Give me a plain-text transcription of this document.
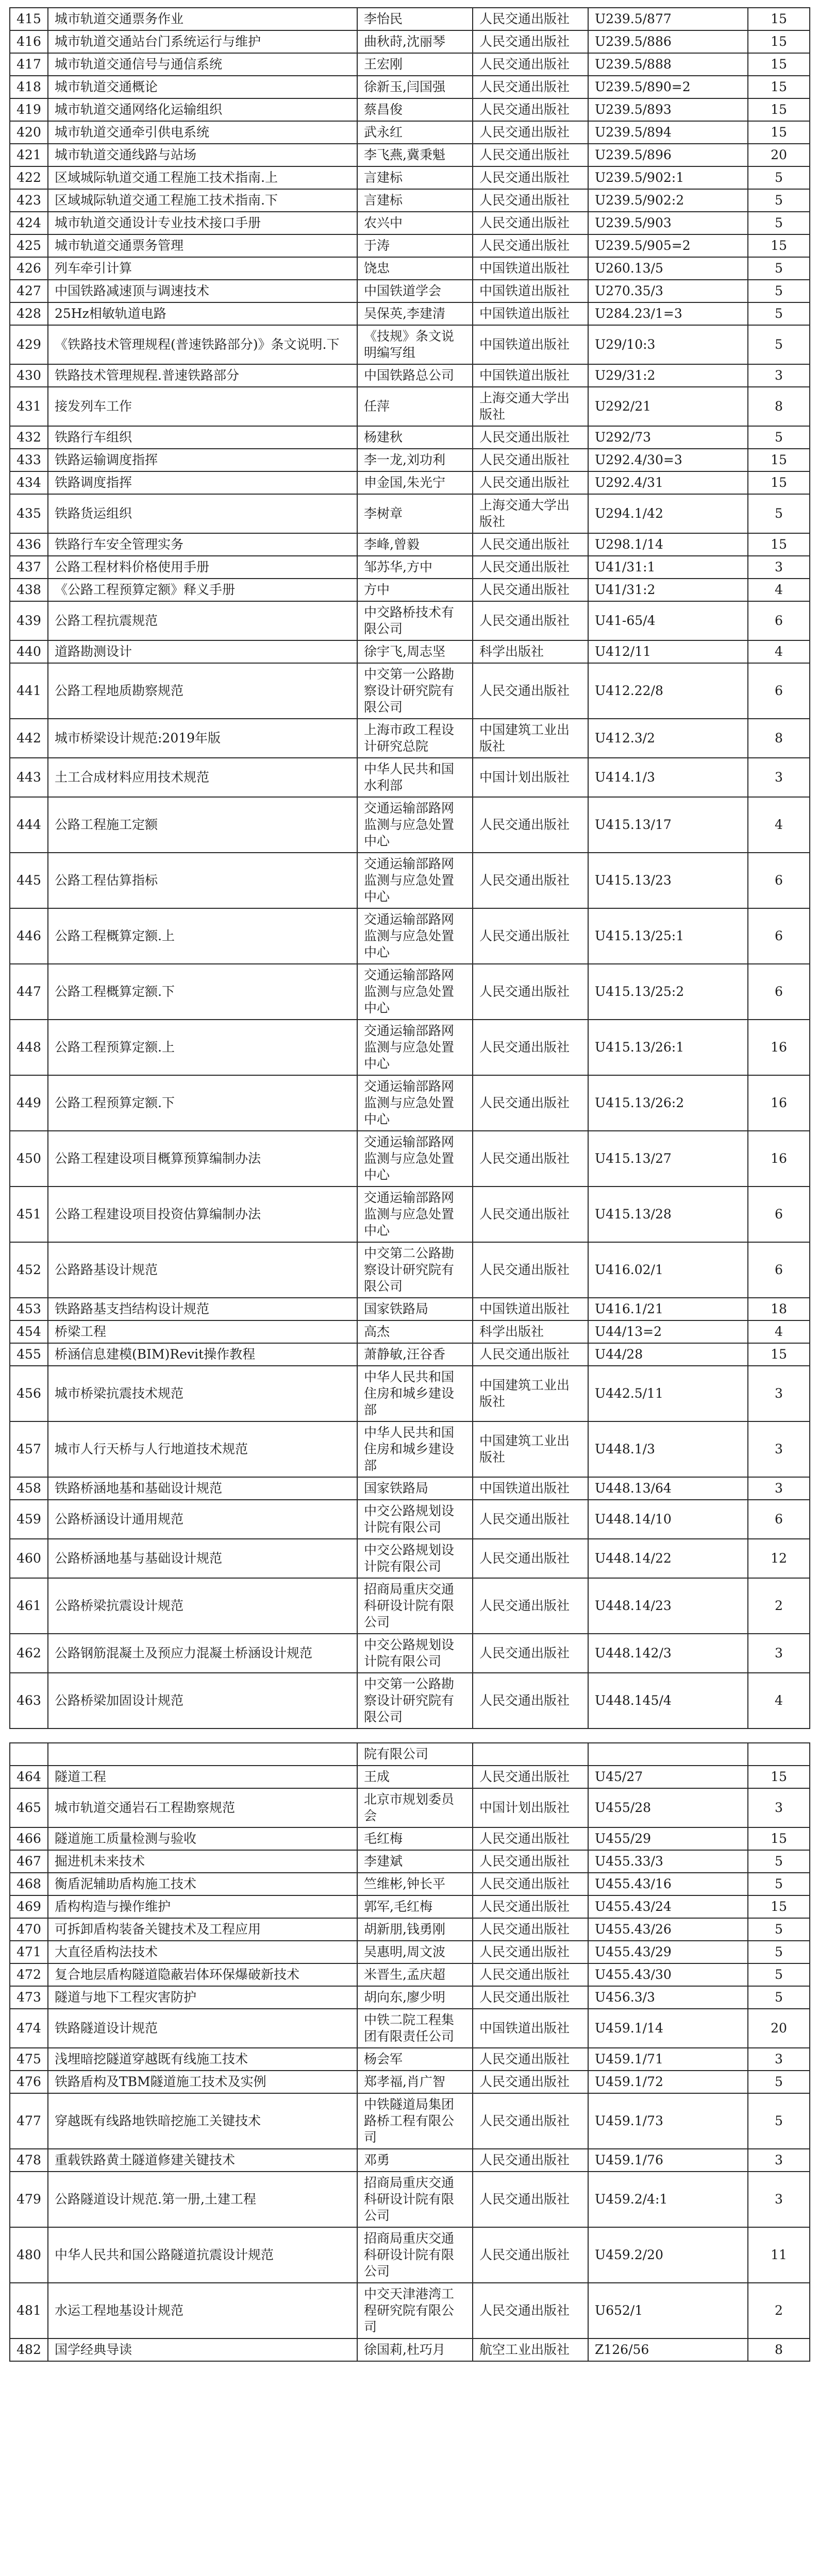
415	城市轨道交通票务作业	李怡民	人民交通出版社	U239.5/877	15
416	城市轨道交通站台门系统运行与维护	曲秋莳,沈丽琴	人民交通出版社	U239.5/886	15
417	城市轨道交通信号与通信系统	王宏刚	人民交通出版社	U239.5/888	15
418	城市轨道交通概论	徐新玉,闫国强	人民交通出版社	U239.5/890=2	15
419	城市轨道交通网络化运输组织	蔡昌俊	人民交通出版社	U239.5/893	15
420	城市轨道交通牵引供电系统	武永红	人民交通出版社	U239.5/894	15
421	城市轨道交通线路与站场	李飞燕,冀秉魁	人民交通出版社	U239.5/896	20
422	区域城际轨道交通工程施工技术指南.上	言建标	人民交通出版社	U239.5/902:1	5
423	区域城际轨道交通工程施工技术指南.下	言建标	人民交通出版社	U239.5/902:2	5
424	城市轨道交通设计专业技术接口手册	农兴中	人民交通出版社	U239.5/903	5
425	城市轨道交通票务管理	于涛	人民交通出版社	U239.5/905=2	15
426	列车牵引计算	饶忠	中国铁道出版社	U260.13/5	5
427	中国铁路减速顶与调速技术	中国铁道学会	中国铁道出版社	U270.35/3	5
428	25Hz相敏轨道电路	吴保英,李建清	中国铁道出版社	U284.23/1=3	5
429	《铁路技术管理规程(普速铁路部分)》条文说明.下	《技规》条文说明编写组	中国铁道出版社	U29/10:3	5
430	铁路技术管理规程.普速铁路部分	中国铁路总公司	中国铁道出版社	U29/31:2	3
431	接发列车工作	任萍	上海交通大学出版社	U292/21	8
432	铁路行车组织	杨建秋	人民交通出版社	U292/73	5
433	铁路运输调度指挥	李一龙,刘功利	人民交通出版社	U292.4/30=3	15
434	铁路调度指挥	申金国,朱光宁	人民交通出版社	U292.4/31	15
435	铁路货运组织	李树章	上海交通大学出版社	U294.1/42	5
436	铁路行车安全管理实务	李峰,曾毅	人民交通出版社	U298.1/14	15
437	公路工程材料价格使用手册	邹苏华,方中	人民交通出版社	U41/31:1	3
438	《公路工程预算定额》释义手册	方中	人民交通出版社	U41/31:2	4
439	公路工程抗震规范	中交路桥技术有限公司	人民交通出版社	U41-65/4	6
440	道路勘测设计	徐宇飞,周志坚	科学出版社	U412/11	4
441	公路工程地质勘察规范	中交第一公路勘察设计研究院有限公司	人民交通出版社	U412.22/8	6
442	城市桥梁设计规范:2019年版	上海市政工程设计研究总院	中国建筑工业出版社	U412.3/2	8
443	土工合成材料应用技术规范	中华人民共和国水利部	中国计划出版社	U414.1/3	3
444	公路工程施工定额	交通运输部路网监测与应急处置中心	人民交通出版社	U415.13/17	4
445	公路工程估算指标	交通运输部路网监测与应急处置中心	人民交通出版社	U415.13/23	6
446	公路工程概算定额.上	交通运输部路网监测与应急处置中心	人民交通出版社	U415.13/25:1	6
447	公路工程概算定额.下	交通运输部路网监测与应急处置中心	人民交通出版社	U415.13/25:2	6
448	公路工程预算定额.上	交通运输部路网监测与应急处置中心	人民交通出版社	U415.13/26:1	16
449	公路工程预算定额.下	交通运输部路网监测与应急处置中心	人民交通出版社	U415.13/26:2	16
450	公路工程建设项目概算预算编制办法	交通运输部路网监测与应急处置中心	人民交通出版社	U415.13/27	16
451	公路工程建设项目投资估算编制办法	交通运输部路网监测与应急处置中心	人民交通出版社	U415.13/28	6
452	公路路基设计规范	中交第二公路勘察设计研究院有限公司	人民交通出版社	U416.02/1	6
453	铁路路基支挡结构设计规范	国家铁路局	中国铁道出版社	U416.1/21	18
454	桥梁工程	高杰	科学出版社	U44/13=2	4
455	桥涵信息建模(BIM)Revit操作教程	萧静敏,汪谷香	人民交通出版社	U44/28	15
456	城市桥梁抗震技术规范	中华人民共和国住房和城乡建设部	中国建筑工业出版社	U442.5/11	3
457	城市人行天桥与人行地道技术规范	中华人民共和国住房和城乡建设部	中国建筑工业出版社	U448.1/3	3
458	铁路桥涵地基和基础设计规范	国家铁路局	中国铁道出版社	U448.13/64	3
459	公路桥涵设计通用规范	中交公路规划设计院有限公司	人民交通出版社	U448.14/10	6
460	公路桥涵地基与基础设计规范	中交公路规划设计院有限公司	人民交通出版社	U448.14/22	12
461	公路桥梁抗震设计规范	招商局重庆交通科研设计院有限公司	人民交通出版社	U448.14/23	2
462	公路钢筋混凝土及预应力混凝土桥涵设计规范	中交公路规划设计院有限公司	人民交通出版社	U448.142/3	3
463	公路桥梁加固设计规范	中交第一公路勘察设计研究院有限公司	人民交通出版社	U448.145/4	4
		院有限公司			
464	隧道工程	王成	人民交通出版社	U45/27	15
465	城市轨道交通岩石工程勘察规范	北京市规划委员会	中国计划出版社	U455/28	3
466	隧道施工质量检测与验收	毛红梅	人民交通出版社	U455/29	15
467	掘进机未来技术	李建斌	人民交通出版社	U455.33/3	5
468	衡盾泥辅助盾构施工技术	竺维彬,钟长平	人民交通出版社	U455.43/16	5
469	盾构构造与操作维护	郭军,毛红梅	人民交通出版社	U455.43/24	15
470	可拆卸盾构装备关键技术及工程应用	胡新朋,钱勇刚	人民交通出版社	U455.43/26	5
471	大直径盾构法技术	吴惠明,周文波	人民交通出版社	U455.43/29	5
472	复合地层盾构隧道隐蔽岩体环保爆破新技术	米晋生,孟庆超	人民交通出版社	U455.43/30	5
473	隧道与地下工程灾害防护	胡向东,廖少明	人民交通出版社	U456.3/3	5
474	铁路隧道设计规范	中铁二院工程集团有限责任公司	中国铁道出版社	U459.1/14	20
475	浅埋暗挖隧道穿越既有线施工技术	杨会军	人民交通出版社	U459.1/71	3
476	铁路盾构及TBM隧道施工技术及实例	郑孝福,肖广智	人民交通出版社	U459.1/72	5
477	穿越既有线路地铁暗挖施工关键技术	中铁隧道局集团路桥工程有限公司	人民交通出版社	U459.1/73	5
478	重载铁路黄土隧道修建关键技术	邓勇	人民交通出版社	U459.1/76	3
479	公路隧道设计规范.第一册,土建工程	招商局重庆交通科研设计院有限公司	人民交通出版社	U459.2/4:1	3
480	中华人民共和国公路隧道抗震设计规范	招商局重庆交通科研设计院有限公司	人民交通出版社	U459.2/20	11
481	水运工程地基设计规范	中交天津港湾工程研究院有限公司	人民交通出版社	U652/1	2
482	国学经典导读	徐国莉,杜巧月	航空工业出版社	Z126/56	8
